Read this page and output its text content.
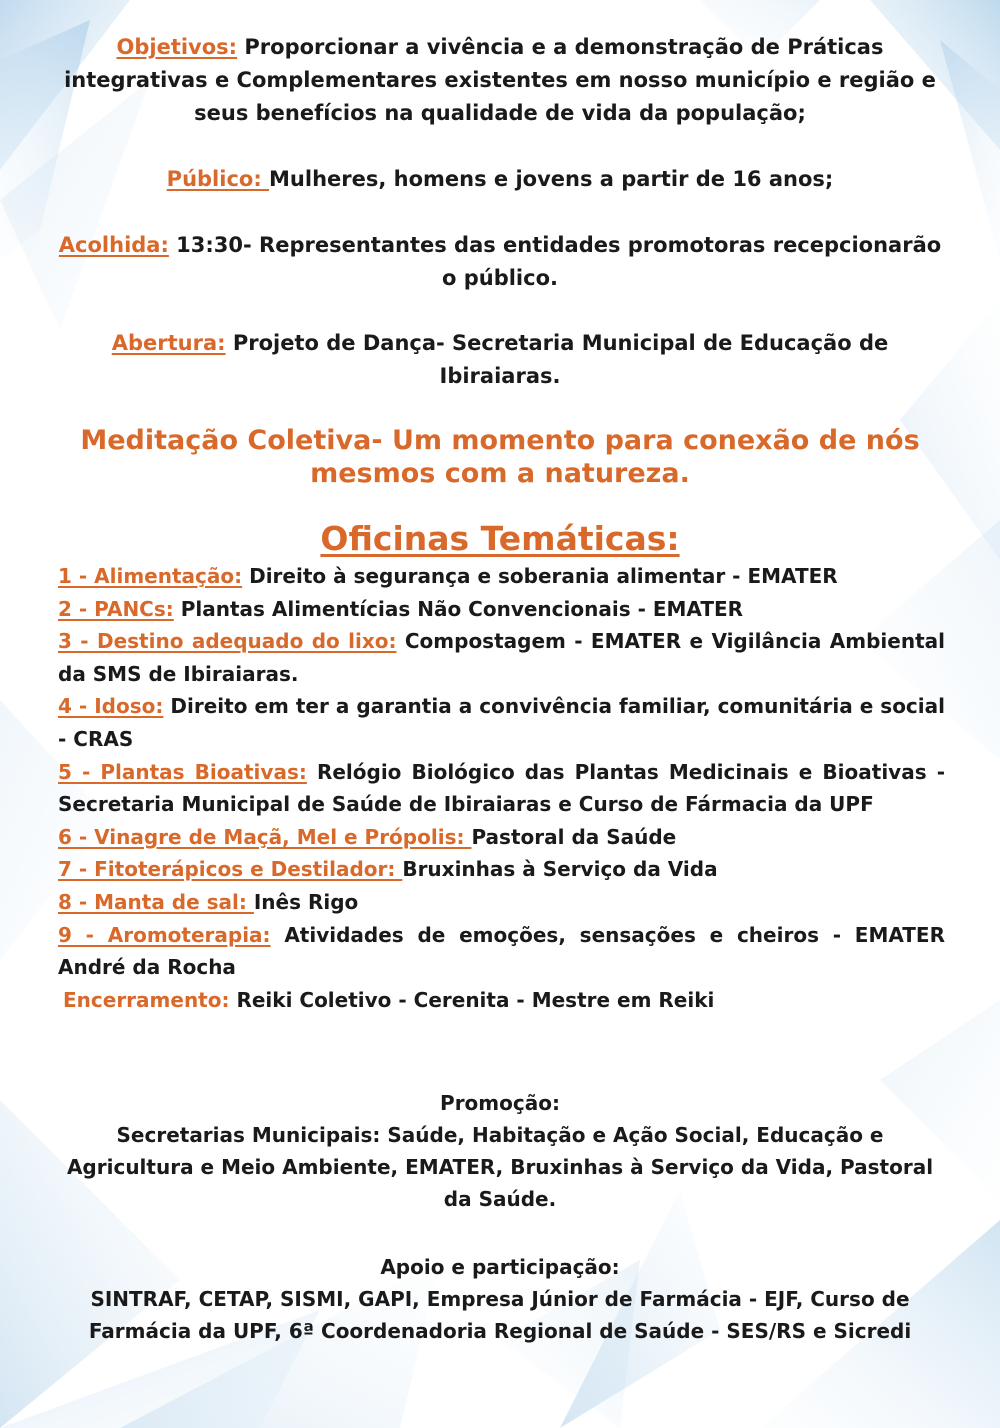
Objetivos: Proporcionar a vivência e a demonstração de Práticas integrativas e Complementares existentes em nosso município e região e seus benefícios na qualidade de vida da população;

Público: Mulheres, homens e jovens a partir de 16 anos;

Acolhida: 13:30- Representantes das entidades promotoras recepcionarão o público.

Abertura: Projeto de Dança- Secretaria Municipal de Educação de Ibiraiaras.

Meditação Coletiva- Um momento para conexão de nós mesmos com a natureza.
Oficinas Temáticas:

1 - Alimentação: Direito à segurança e soberania alimentar - EMATER

2 - PANCs: Plantas Alimentícias Não Convencionais - EMATER

3 - Destino adequado do lixo: Compostagem - EMATER e Vigilância Ambiental da SMS de Ibiraiaras.

4 - Idoso: Direito em ter a garantia a convivência familiar, comunitária e social - CRAS

5 - Plantas Bioativas: Relógio Biológico das Plantas Medicinais e Bioativas - Secretaria Municipal de Saúde de Ibiraiaras e Curso de Fármacia da UPF

6 - Vinagre de Maçã, Mel e Própolis: Pastoral da Saúde

7 - Fitoterápicos e Destilador: Bruxinhas à Serviço da Vida

8 - Manta de sal: Inês Rigo

9 - Aromoterapia: Atividades de emoções, sensações e cheiros - EMATER André da Rocha

Encerramento: Reiki Coletivo - Cerenita - Mestre em Reiki

Promoção:

Secretarias Municipais: Saúde, Habitação e Ação Social, Educação e Agricultura e Meio Ambiente, EMATER, Bruxinhas à Serviço da Vida, Pastoral da Saúde.

Apoio e participação:

SINTRAF, CETAP, SISMI, GAPI, Empresa Júnior de Farmácia - EJF, Curso de Farmácia da UPF, 6ª Coordenadoria Regional de Saúde - SES/RS e Sicredi
